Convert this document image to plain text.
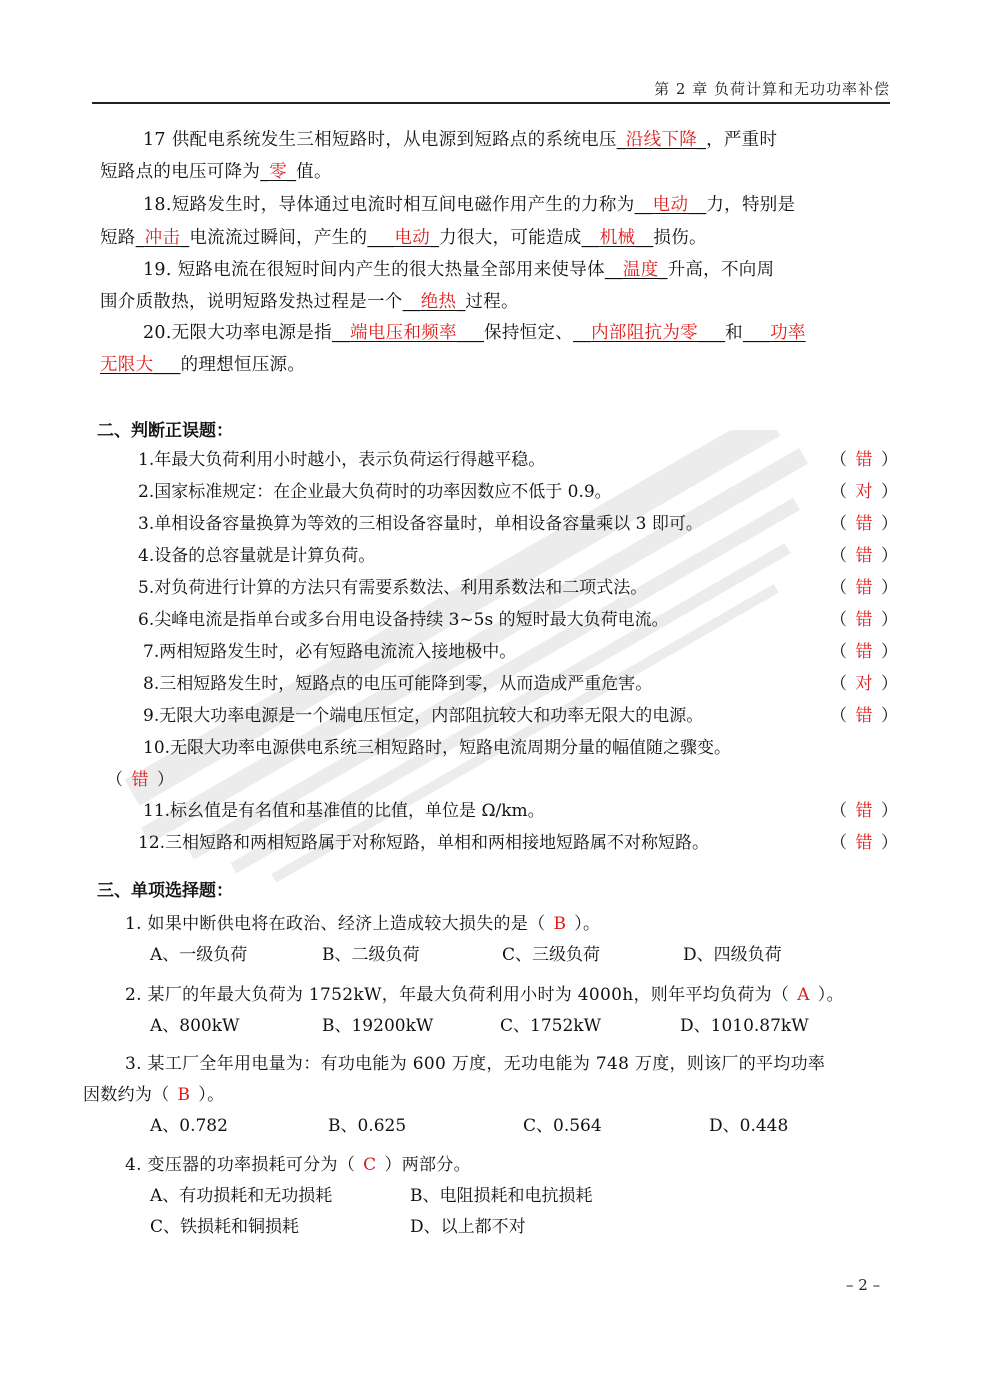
第 2 章 负荷计算和无功功率补偿
17 供配电系统发生三相短路时，从电源到短路点的系统电压_沿线下降_，严重时
短路点的电压可降为_零_值。
18.短路发生时，导体通过电流时相互间电磁作用产生的力称为__电动__力，特别是
短路_冲击_电流流过瞬间，产生的___电动_力很大，可能造成__机械__损伤。
19. 短路电流在很短时间内产生的很大热量全部用来使导体__温度_升高，不向周
围介质散热，说明短路发热过程是一个__绝热_过程。
20.无限大功率电源是指__端电压和频率___保持恒定、__内部阻抗为零___和___功率
无限大___的理想恒压源。
二、判断正误题：
1.年最大负荷利用小时越小，表示负荷运行得越平稳。	（ 错 ）
2.国家标准规定：在企业最大负荷时的功率因数应不低于 0.9。	（ 对 ）
3.单相设备容量换算为等效的三相设备容量时，单相设备容量乘以 3 即可。	（ 错 ）
4.设备的总容量就是计算负荷。	（ 错 ）
5.对负荷进行计算的方法只有需要系数法、利用系数法和二项式法。	（ 错 ）
6.尖峰电流是指单台或多台用电设备持续 3~5s 的短时最大负荷电流。	（ 错 ）
7.两相短路发生时，必有短路电流流入接地极中。	（ 错 ）
8.三相短路发生时，短路点的电压可能降到零，从而造成严重危害。	（ 对 ）
9.无限大功率电源是一个端电压恒定，内部阻抗较大和功率无限大的电源。	（ 错 ）
10.无限大功率电源供电系统三相短路时，短路电流周期分量的幅值随之骤变。
（ 错 ）
11.标幺值是有名值和基准值的比值，单位是 Ω/km。	（ 错 ）
12.三相短路和两相短路属于对称短路，单相和两相接地短路属不对称短路。	（ 错 ）
三、单项选择题：
1. 如果中断供电将在政治、经济上造成较大损失的是（ B ）。
A、一级负荷	B、二级负荷	C、三级负荷	D、四级负荷
2. 某厂的年最大负荷为 1752kW，年最大负荷利用小时为 4000h，则年平均负荷为（ A ）。
A、800kW	B、19200kW	C、1752kW	D、1010.87kW
3. 某工厂全年用电量为：有功电能为 600 万度，无功电能为 748 万度，则该厂的平均功率
因数约为（ B ）。
A、0.782	B、0.625	C、0.564	D、0.448
4. 变压器的功率损耗可分为（ C ）两部分。
A、有功损耗和无功损耗	B、电阻损耗和电抗损耗
C、铁损耗和铜损耗	D、以上都不对
– 2 –
